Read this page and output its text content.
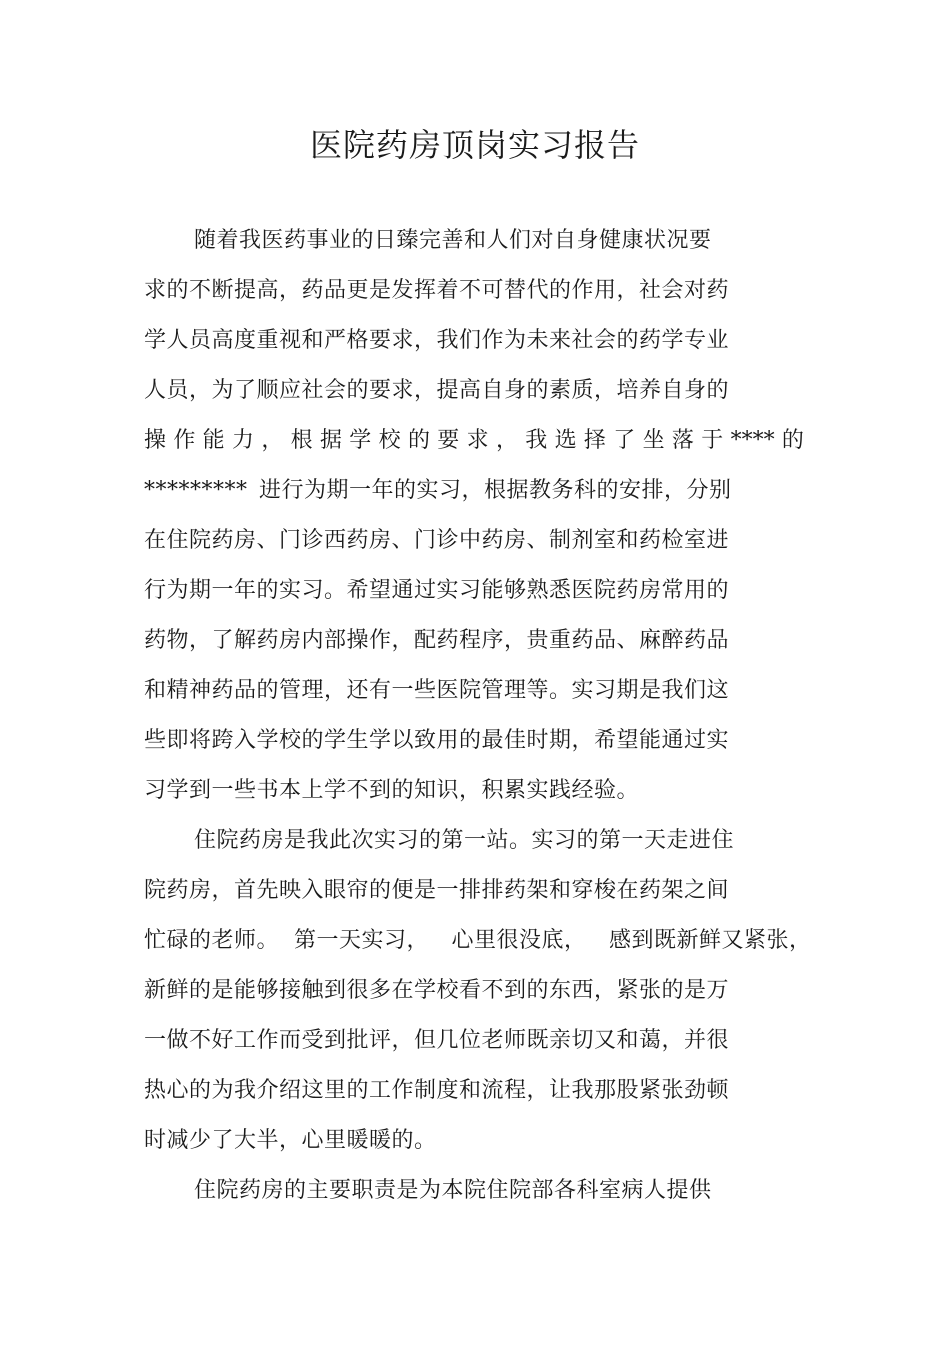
医院药房顶岗实习报告
随着我医药事业的日臻完善和人们对自身健康状况要
求的不断提高，药品更是发挥着不可替代的作用，社会对药
学人员高度重视和严格要求，我们作为未来社会的药学专业
人员，为了顺应社会的要求，提高自身的素质，培养自身的
操 作 能 力 ， 根 据 学 校 的 要 求 ， 我 选 择 了 坐 落 于 **** 的
********* 进行为期一年的实习，根据教务科的安排，分别
在住院药房、门诊西药房、门诊中药房、制剂室和药检室进
行为期一年的实习。希望通过实习能够熟悉医院药房常用的
药物，了解药房内部操作，配药程序，贵重药品、麻醉药品
和精神药品的管理，还有一些医院管理等。实习期是我们这
些即将跨入学校的学生学以致用的最佳时期，希望能通过实
习学到一些书本上学不到的知识，积累实践经验。
住院药房是我此次实习的第一站。实习的第一天走进住
院药房，首先映入眼帘的便是一排排药架和穿梭在药架之间
忙碌的老师。  第一天实习，   心里很没底，   感到既新鲜又紧张，
新鲜的是能够接触到很多在学校看不到的东西，紧张的是万
一做不好工作而受到批评，但几位老师既亲切又和蔼，并很
热心的为我介绍这里的工作制度和流程，让我那股紧张劲顿
时减少了大半，心里暖暖的。
住院药房的主要职责是为本院住院部各科室病人提供
